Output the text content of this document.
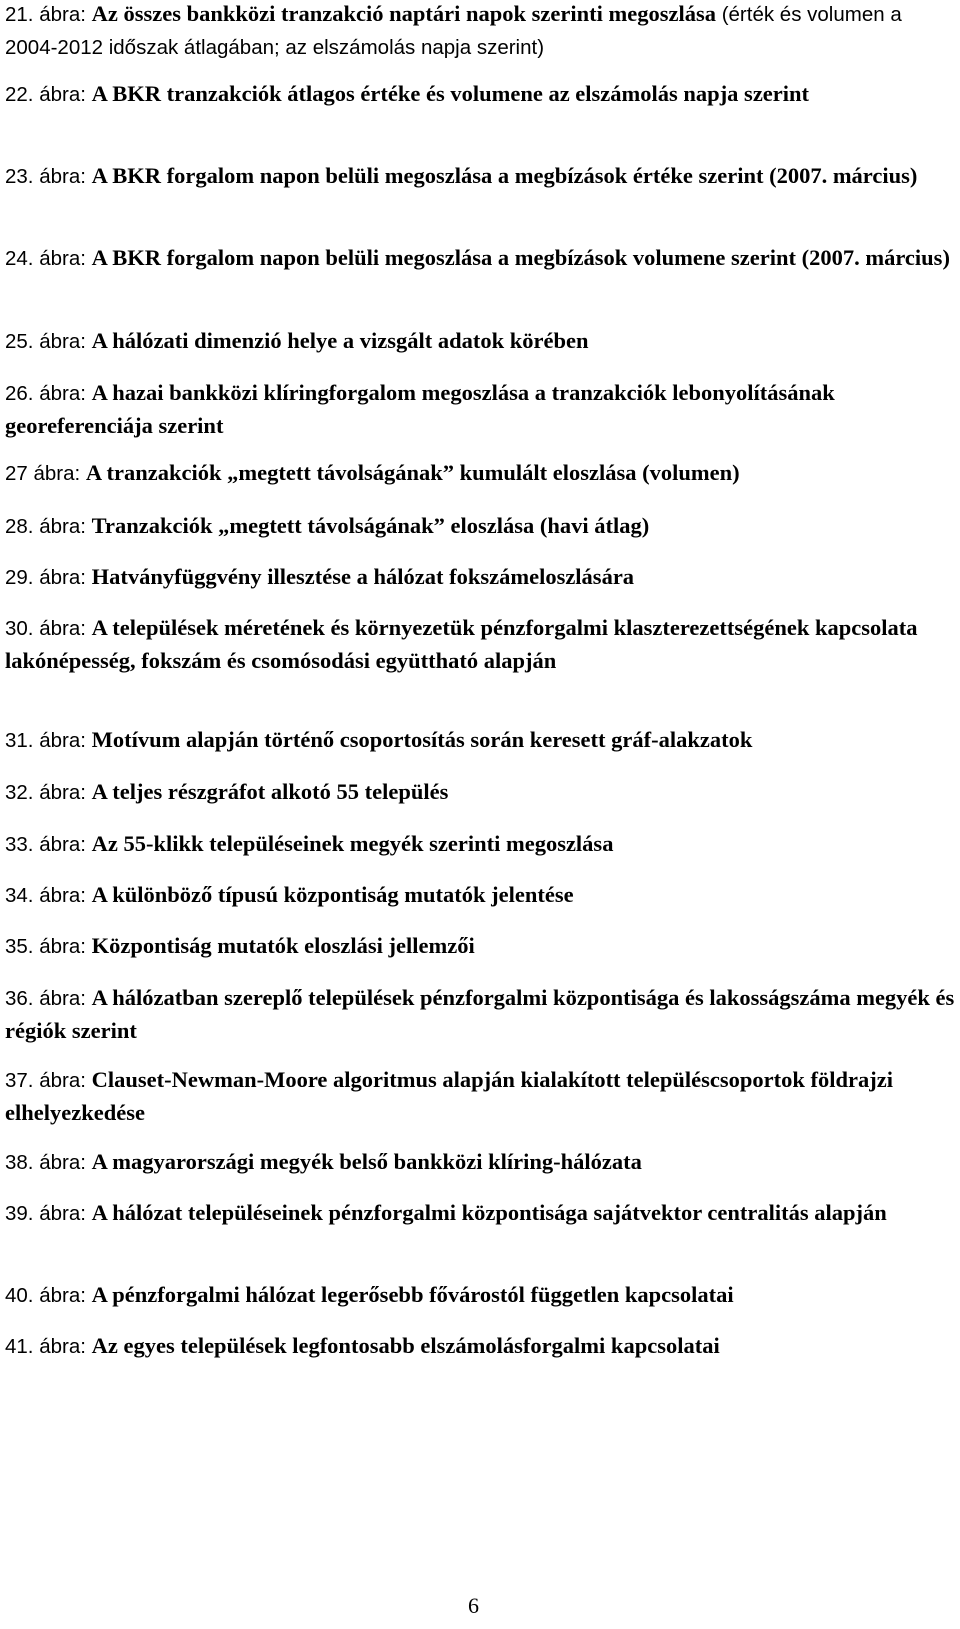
21. ábra: Az összes bankközi tranzakció naptári napok szerinti megoszlása (érték és volumen a 2004-2012 időszak átlagában; az elszámolás napja szerint)
22. ábra: A BKR tranzakciók átlagos értéke és volumene az elszámolás napja szerint
23. ábra: A BKR forgalom napon belüli megoszlása a megbízások értéke szerint (2007. március)
24. ábra: A BKR forgalom napon belüli megoszlása a megbízások volumene szerint (2007. március)
25. ábra: A hálózati dimenzió helye a vizsgált adatok körében
26. ábra: A hazai bankközi klíringforgalom megoszlása a tranzakciók lebonyolításának georeferenciája szerint
27 ábra: A tranzakciók „megtett távolságának” kumulált eloszlása (volumen)
28. ábra: Tranzakciók „megtett távolságának” eloszlása (havi átlag)
29. ábra: Hatványfüggvény illesztése a hálózat fokszámeloszlására
30. ábra: A települések méretének és környezetük pénzforgalmi klaszterezettségének kapcsolata lakónépesség, fokszám és csomósodási együttható alapján
31. ábra: Motívum alapján történő csoportosítás során keresett gráf-alakzatok
32. ábra: A teljes részgráfot alkotó 55 település
33. ábra: Az 55-klikk településeinek megyék szerinti megoszlása
34. ábra: A különböző típusú központiság mutatók jelentése
35. ábra: Központiság mutatók eloszlási jellemzői
36. ábra: A hálózatban szereplő települések pénzforgalmi központisága és lakosságszáma megyék és régiók szerint
37. ábra: Clauset-Newman-Moore algoritmus alapján kialakított településcsoportok földrajzi elhelyezkedése
38. ábra: A magyarországi megyék belső bankközi klíring-hálózata
39. ábra: A hálózat településeinek pénzforgalmi központisága sajátvektor centralitás alapján
40. ábra: A pénzforgalmi hálózat legerősebb fővárostól független kapcsolatai
41. ábra: Az egyes települések legfontosabb elszámolásforgalmi kapcsolatai
6
